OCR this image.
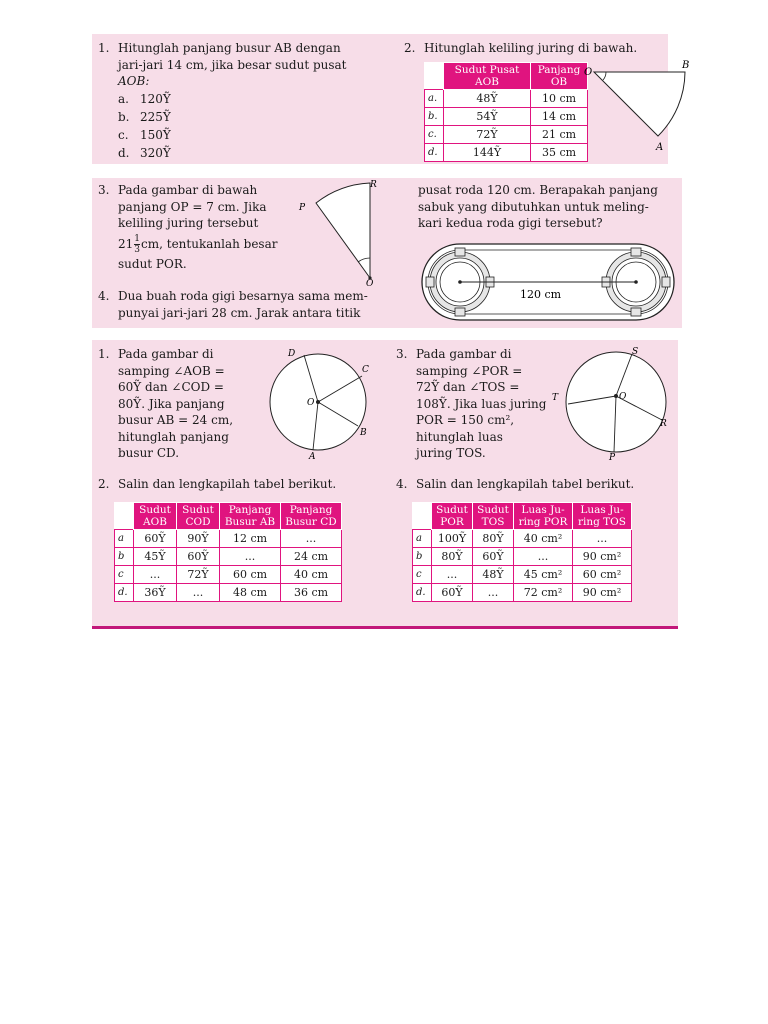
1. Hitunglah panjang busur AB dengan
jari-jari 14 cm, jika besar sudut pusat
AOB:
a. 120Ỹ
b. 225Ỹ
c. 150Ỹ
d. 320Ỹ
2. Hitunglah keliling juring di bawah.
	Sudut Pusat AOB	Panjang OB
a.	48Ỹ	10 cm
b.	54Ỹ	14 cm
c.	72Ỹ	21 cm
d.	144Ỹ	35 cm
O
B
A
3. Pada gambar di bawah
panjang OP = 7 cm. Jika
keliling juring tersebut
$21 \frac{1}{3}$ cm, tentukanlah besar
sudut POR.
R
P
O
4. Dua buah roda gigi besarnya sama mem-
punyai jari-jari 28 cm. Jarak antara titik
pusat roda 120 cm. Berapakah panjang
sabuk yang dibutuhkan untuk meling-
kari kedua roda gigi tersebut?
120 cm
1. Pada gambar di
samping ∠AOB =
60Ỹ dan ∠COD =
80Ỹ. Jika panjang
busur AB = 24 cm,
hitunglah panjang
busur CD.
D
C
O
B
A
3. Pada gambar di
samping ∠POR =
72Ỹ dan ∠TOS =
108Ỹ. Jika luas juring
POR = 150 cm²,
hitunglah luas
juring TOS.
S
T	O
R
P
2. Salin dan lengkapilah tabel berikut.
	Sudut AOB	Sudut COD	Panjang Busur AB	Panjang Busur CD
a	60Ỹ	90Ỹ	12 cm	...
b	45Ỹ	60Ỹ	...	24 cm
c	...	72Ỹ	60 cm	40 cm
d.	36Ỹ	...	48 cm	36 cm
4. Salin dan lengkapilah tabel berikut.
	Sudut POR	Sudut TOS	Luas Ju- ring POR	Luas Ju- ring TOS
a	100Ỹ	80Ỹ	40 cm²	...
b	80Ỹ	60Ỹ	...	90 cm²
c	...	48Ỹ	45 cm²	60 cm²
d.	60Ỹ	...	72 cm²	90 cm²
